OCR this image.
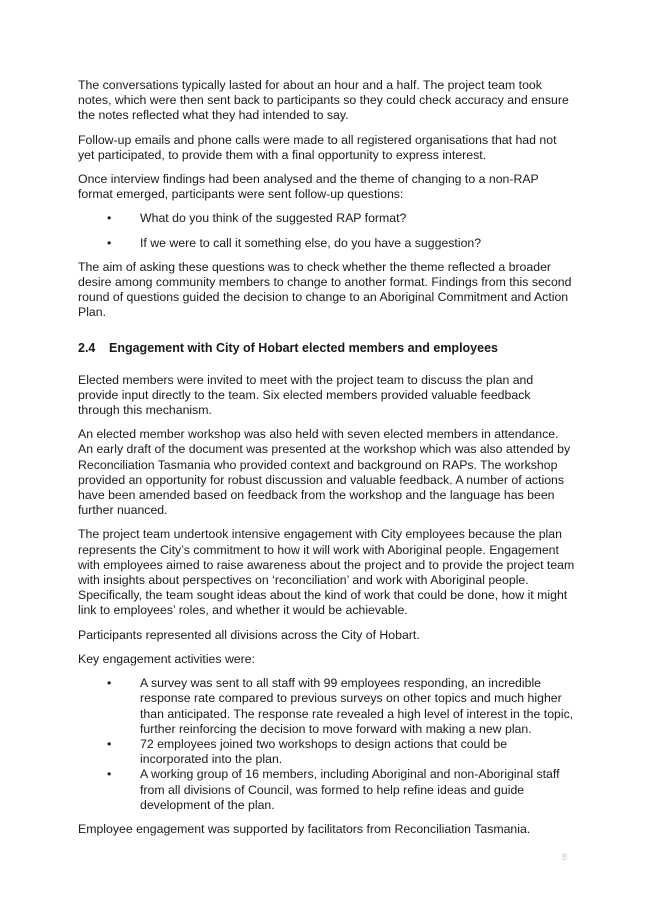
The conversations typically lasted for about an hour and a half. The project team took notes, which were then sent back to participants so they could check accuracy and ensure the notes reflected what they had intended to say.

Follow-up emails and phone calls were made to all registered organisations that had not yet participated, to provide them with a final opportunity to express interest.

Once interview findings had been analysed and the theme of changing to a non-RAP format emerged, participants were sent follow-up questions:

• What do you think of the suggested RAP format?
• If we were to call it something else, do you have a suggestion?

The aim of asking these questions was to check whether the theme reflected a broader desire among community members to change to another format. Findings from this second round of questions guided the decision to change to an Aboriginal Commitment and Action Plan.

2.4 Engagement with City of Hobart elected members and employees

Elected members were invited to meet with the project team to discuss the plan and provide input directly to the team. Six elected members provided valuable feedback through this mechanism.

An elected member workshop was also held with seven elected members in attendance. An early draft of the document was presented at the workshop which was also attended by Reconciliation Tasmania who provided context and background on RAPs. The workshop provided an opportunity for robust discussion and valuable feedback. A number of actions have been amended based on feedback from the workshop and the language has been further nuanced.

The project team undertook intensive engagement with City employees because the plan represents the City’s commitment to how it will work with Aboriginal people. Engagement with employees aimed to raise awareness about the project and to provide the project team with insights about perspectives on ‘reconciliation’ and work with Aboriginal people. Specifically, the team sought ideas about the kind of work that could be done, how it might link to employees’ roles, and whether it would be achievable.

Participants represented all divisions across the City of Hobart.

Key engagement activities were:

• A survey was sent to all staff with 99 employees responding, an incredible response rate compared to previous surveys on other topics and much higher than anticipated. The response rate revealed a high level of interest in the topic, further reinforcing the decision to move forward with making a new plan.
• 72 employees joined two workshops to design actions that could be incorporated into the plan.
• A working group of 16 members, including Aboriginal and non-Aboriginal staff from all divisions of Council, was formed to help refine ideas and guide development of the plan.

Employee engagement was supported by facilitators from Reconciliation Tasmania.

8
